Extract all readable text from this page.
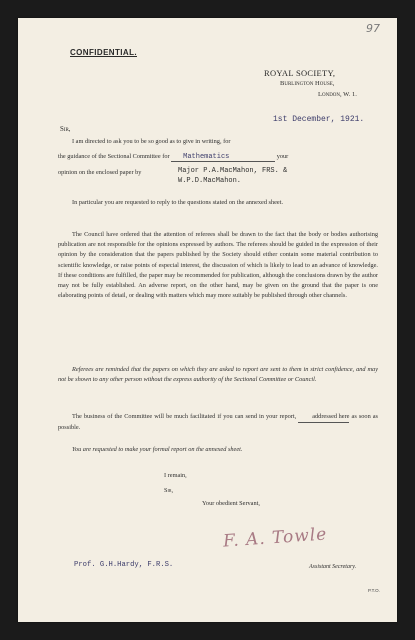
97
CONFIDENTIAL.
ROYAL SOCIETY,
Burlington House,
London, W. 1.
1st December, 1921.
Sir,
I am directed to ask you to be so good as to give in writing, for
the guidance of the Sectional Committee for Mathematics	your
opinion on the enclosed paper by	Major P.A.MacMahon, FRS. &
W.P.D.MacMahon.
In particular you are requested to reply to the questions stated on the annexed sheet.
The Council have ordered that the attention of referees shall be drawn to the fact that the body or bodies authorising publication are not responsible for the opinions expressed by authors. The referees should be guided in the expression of their opinion by the consideration that the papers published by the Society should either contain some material contribution to scientific knowledge, or raise points of especial interest, the discussion of which is likely to lead to an advance of knowledge. If these conditions are fulfilled, the paper may be recommended for publication, although the conclusions drawn by the author may not be fully established. An adverse report, on the other hand, may be given on the ground that the paper is one elaborating points of detail, or dealing with matters which may more suitably be published through other channels.
Referees are reminded that the papers on which they are asked to report are sent to them in strict confidence, and may not be shown to any other person without the express authority of the Sectional Committee or Council.
The business of the Committee will be much facilitated if you can send in your report,	addressed here as soon as possible.
You are requested to make your formal report on the annexed sheet.
I remain,
Sir,
Your obedient Servant,
F. A. Towle
Prof. G.H.Hardy, F.R.S.	Assistant Secretary.
P.T.O.
